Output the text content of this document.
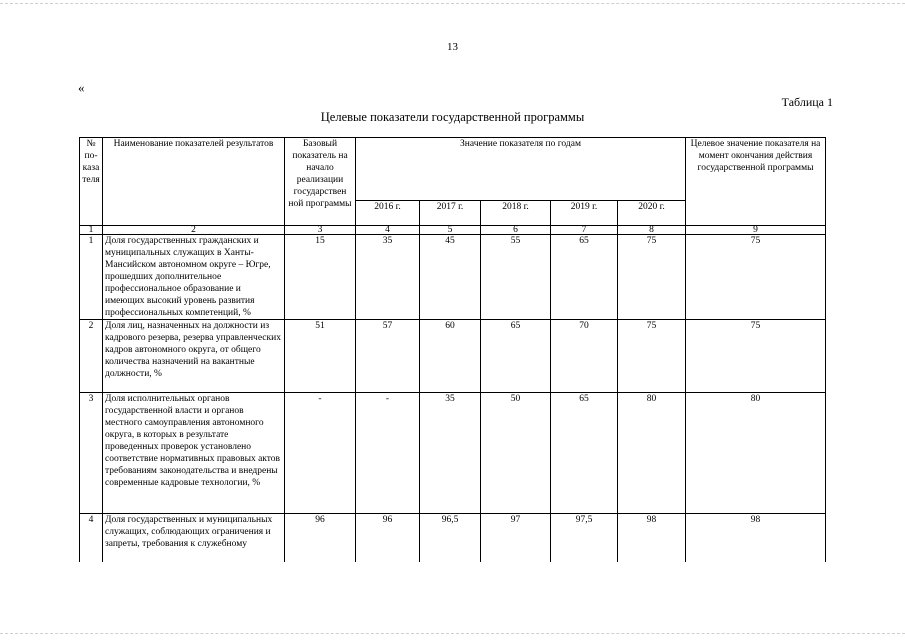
13
«
Таблица 1
Целевые показатели государственной программы
№ по-каза теля	Наименование показателей результатов	Базовый показатель на начало реализации государствен ной программы	Значение показателя по годам					Целевое значение показателя на момент окончания действия государственной программы
			2016 г.	2017 г.	2018 г.	2019 г.	2020 г.	
1	2	3	4	5	6	7	8	9
1	Доля государственных гражданских и муниципальных служащих в Ханты-Мансийском автономном округе – Югре, прошедших дополнительное профессиональное образование и имеющих высокий уровень развития профессиональных компетенций, %	15	35	45	55	65	75	75
2	Доля лиц, назначенных на должности из кадрового резерва, резерва управленческих кадров автономного округа, от общего количества назначений на вакантные должности, %	51	57	60	65	70	75	75
3	Доля исполнительных органов государственной власти и органов местного самоуправления автономного округа, в которых в результате проведенных проверок установлено соответствие нормативных правовых актов требованиям законодательства и внедрены современные кадровые технологии, %	-	-	35	50	65	80	80
4	Доля государственных и муниципальных служащих, соблюдающих ограничения и запреты, требования к служебному	96	96	96,5	97	97,5	98	98
